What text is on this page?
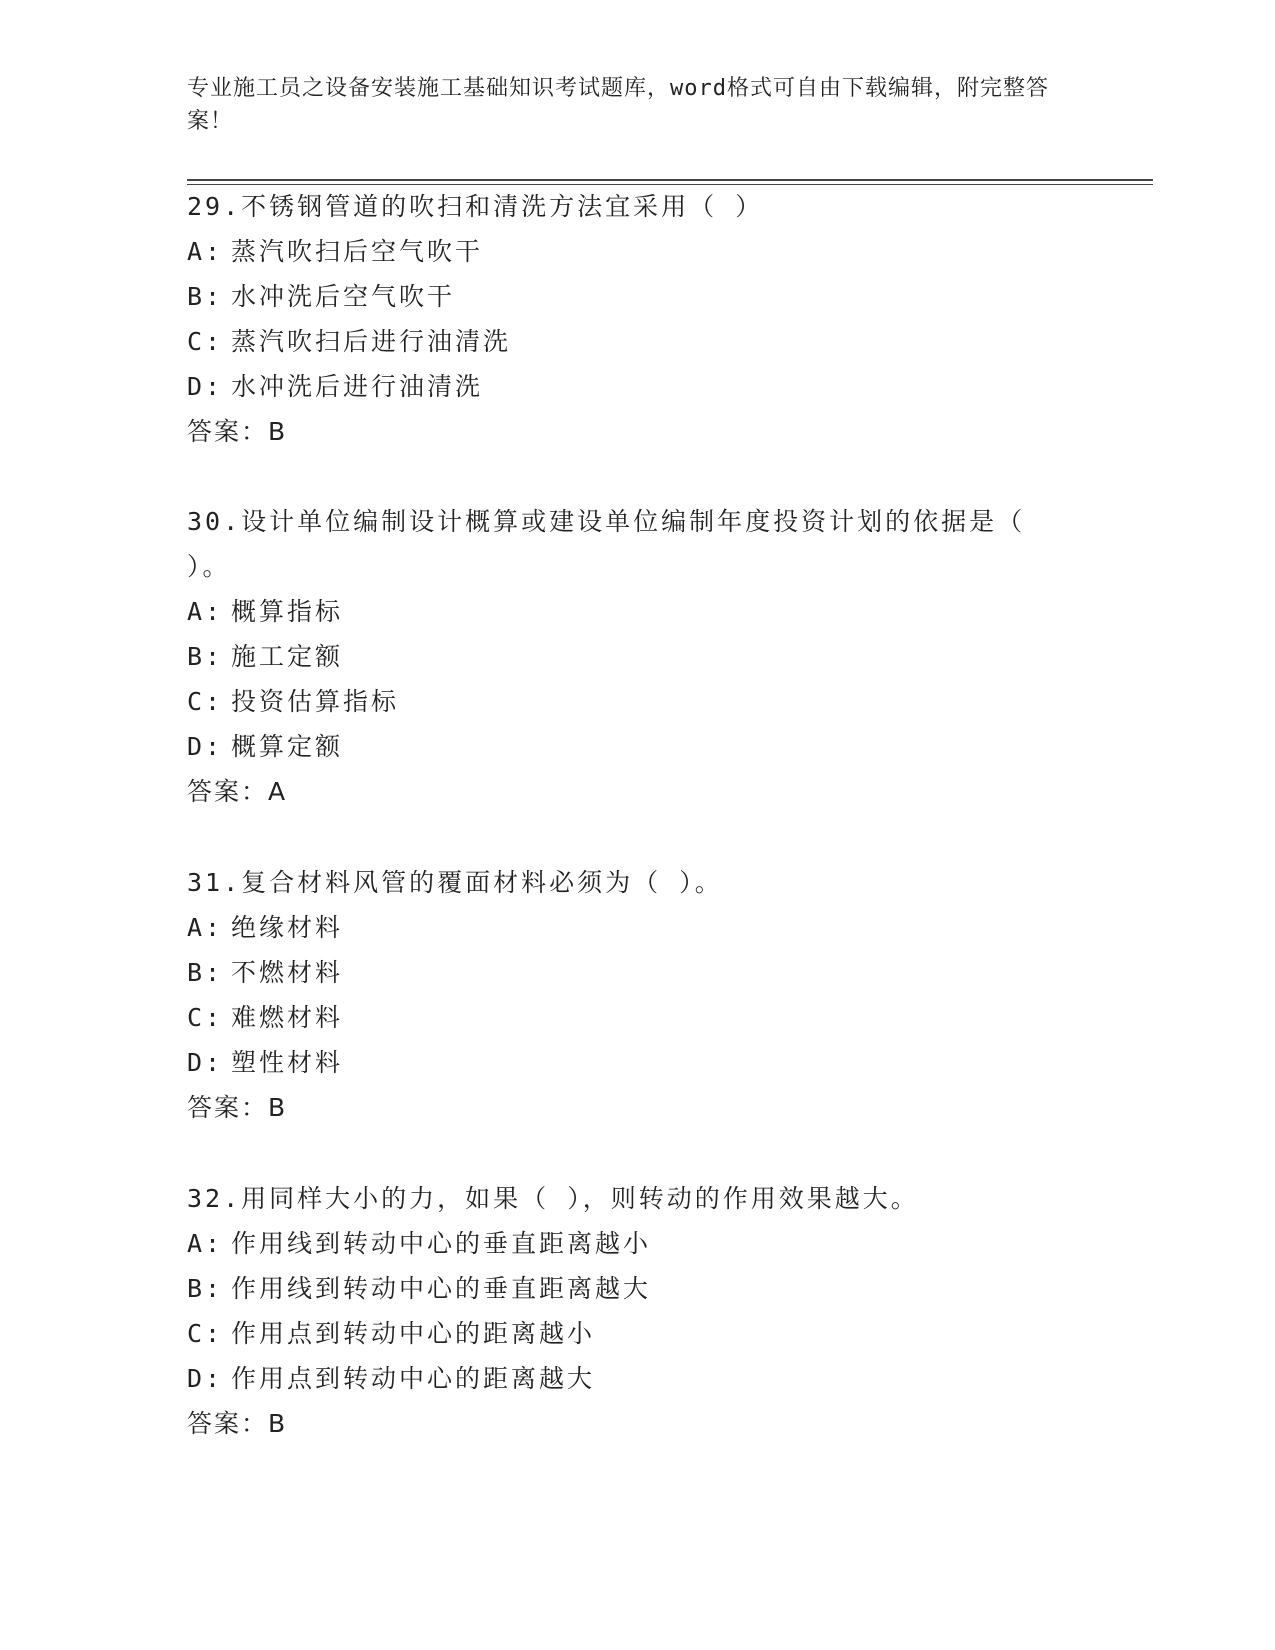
专业施工员之设备安装施工基础知识考试题库，word格式可自由下载编辑，附完整答案！
29.不锈钢管道的吹扫和清洗方法宜采用（ ）
A: 蒸汽吹扫后空气吹干
B: 水冲洗后空气吹干
C: 蒸汽吹扫后进行油清洗
D: 水冲洗后进行油清洗
答案：B
30.设计单位编制设计概算或建设单位编制年度投资计划的依据是（ ）。
A: 概算指标
B: 施工定额
C: 投资估算指标
D: 概算定额
答案：A
31.复合材料风管的覆面材料必须为（ ）。
A: 绝缘材料
B: 不燃材料
C: 难燃材料
D: 塑性材料
答案：B
32.用同样大小的力，如果（ ），则转动的作用效果越大。
A: 作用线到转动中心的垂直距离越小
B: 作用线到转动中心的垂直距离越大
C: 作用点到转动中心的距离越小
D: 作用点到转动中心的距离越大
答案：B
